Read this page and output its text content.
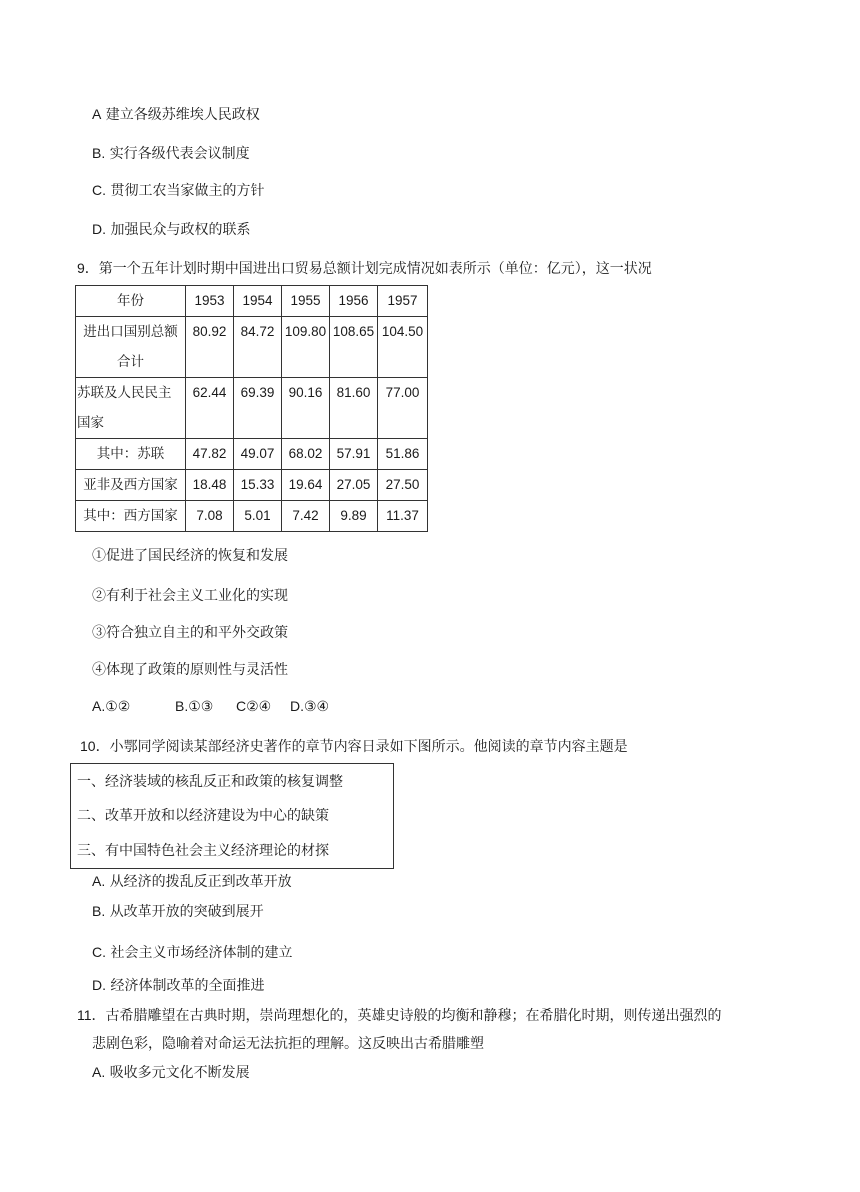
A 建立各级苏维埃人民政权
B. 实行各级代表会议制度
C. 贯彻工农当家做主的方针
D. 加强民众与政权的联系
9．第一个五年计划时期中国进出口贸易总额计划完成情况如表所示（单位：亿元），这一状况
年份	1953	1954	1955	1956	1957
进出口国别总额合计	80.92	84.72	109.80	108.65	104.50
苏联及人民民主国家	62.44	69.39	90.16	81.60	77.00
其中：苏联	47.82	49.07	68.02	57.91	51.86
亚非及西方国家	18.48	15.33	19.64	27.05	27.50
其中：西方国家	7.08	5.01	7.42	9.89	11.37
①促进了国民经济的恢复和发展
②有利于社会主义工业化的实现
③符合独立自主的和平外交政策
④体现了政策的原则性与灵活性
A.①②	B.①③ C②④ D.③④
10．小鄂同学阅读某部经济史著作的章节内容日录如下图所示。他阅读的章节内容主题是
一、经济装域的核乱反正和政策的核复调整
二、改革开放和以经济建设为中心的缺策
三、有中国特色社会主义经济理论的材探
A. 从经济的拨乱反正到改革开放
B. 从改革开放的突破到展开
C. 社会主义市场经济体制的建立
D. 经济体制改革的全面推进
11．古希腊雕望在古典时期，崇尚理想化的，英雄史诗般的均衡和静穆；在希腊化时期，则传递出强烈的
悲剧色彩，隐喻着对命运无法抗拒的理解。这反映出古希腊雕塑
A. 吸收多元文化不断发展
